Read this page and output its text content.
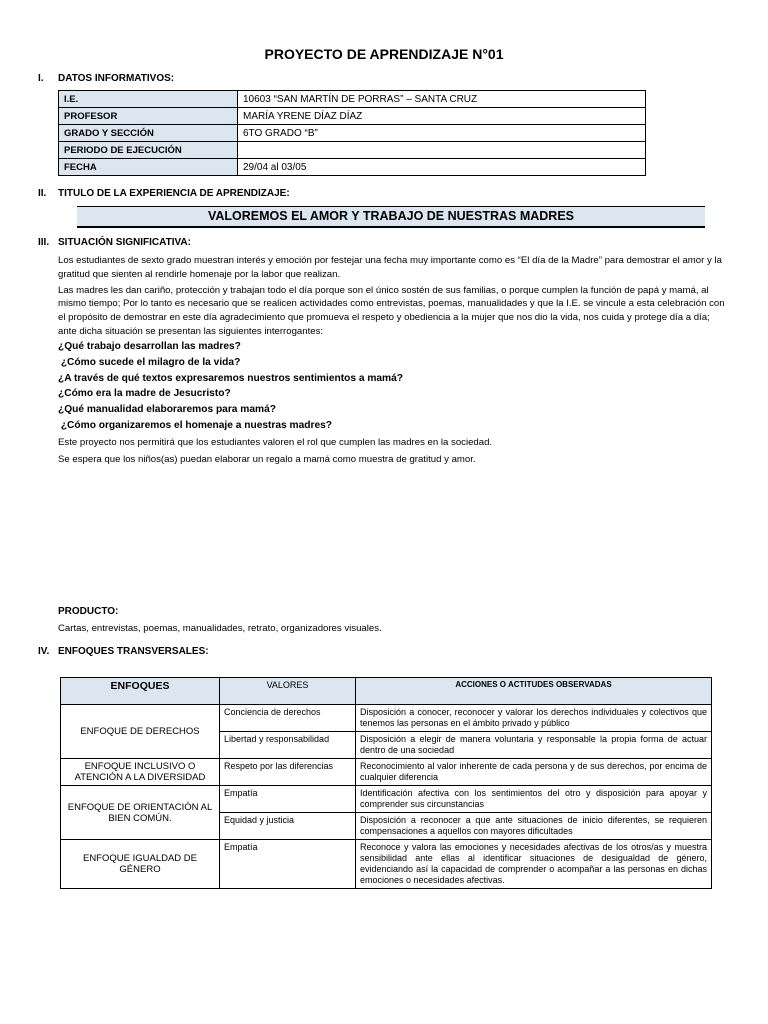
PROYECTO DE APRENDIZAJE N°01
I. DATOS INFORMATIVOS:
I.E.	10603 “SAN MARTÍN DE PORRAS” – SANTA CRUZ
PROFESOR	MARÍA YRENE DÍAZ DÍAZ
GRADO Y SECCIÓN	6TO GRADO “B”
PERIODO DE EJECUCIÓN	
FECHA	29/04 al 03/05
II. TITULO DE LA EXPERIENCIA DE APRENDIZAJE:
VALOREMOS EL AMOR Y TRABAJO DE NUESTRAS MADRES
III. SITUACIÓN SIGNIFICATIVA:

Los estudiantes de sexto grado muestran interés y emoción por festejar una fecha muy importante como es “El día de la Madre” para demostrar el amor y la gratitud que sienten al rendirle homenaje por la labor que realizan.

Las madres les dan cariño, protección y trabajan todo el día porque son el único sostén de sus familias, o porque cumplen la función de papá y mamá, al mismo tiempo; Por lo tanto es necesario que se realicen actividades como entrevistas, poemas, manualidades y que la I.E. se vincule a esta celebración con el propósito de demostrar en este día agradecimiento que promueva el respeto y obediencia a la mujer que nos dio la vida, nos cuida y protege día a día; ante dicha situación se presentan las siguientes interrogantes:

¿Qué trabajo desarrollan las madres?
¿Cómo sucede el milagro de la vida?
¿A través de qué textos expresaremos nuestros sentimientos a mamá?
¿Cómo era la madre de Jesucristo?
¿Qué manualidad elaboraremos para mamá?
¿Cómo organizaremos el homenaje a nuestras madres?

Este proyecto nos permitirá que los estudiantes valoren el rol que cumplen las madres en la sociedad.

Se espera que los niños(as) puedan elaborar un regalo a mamá como muestra de gratitud y amor.

PRODUCTO:
Cartas, entrevistas, poemas, manualidades, retrato, organizadores visuales.
IV. ENFOQUES TRANSVERSALES:
ENFOQUES	VALORES	ACCIONES O ACTITUDES OBSERVADAS
ENFOQUE DE DERECHOS	Conciencia de derechos	Disposición a conocer, reconocer y valorar los derechos individuales y colectivos que tenemos las personas en el ámbito privado y público
	Libertad y responsabilidad	Disposición a elegir de manera voluntaria y responsable la propia forma de actuar dentro de una sociedad
ENFOQUE INCLUSIVO O ATENCIÓN A LA DIVERSIDAD	Respeto por las diferencias	Reconocimiento al valor inherente de cada persona y de sus derechos, por encima de cualquier diferencia
ENFOQUE DE ORIENTACIÓN AL BIEN COMÚN.	Empatía	Identificación afectiva con los sentimientos del otro y disposición para apoyar y comprender sus circunstancias
	Equidad y justicia	Disposición a reconocer a que ante situaciones de inicio diferentes, se requieren compensaciones a aquellos con mayores dificultades
ENFOQUE IGUALDAD DE GÉNERO	Empatía	Reconoce y valora las emociones y necesidades afectivas de los otros/as y muestra sensibilidad ante ellas al identificar situaciones de desigualdad de género, evidenciando así la capacidad de comprender o acompañar a las personas en dichas emociones o necesidades afectivas.
